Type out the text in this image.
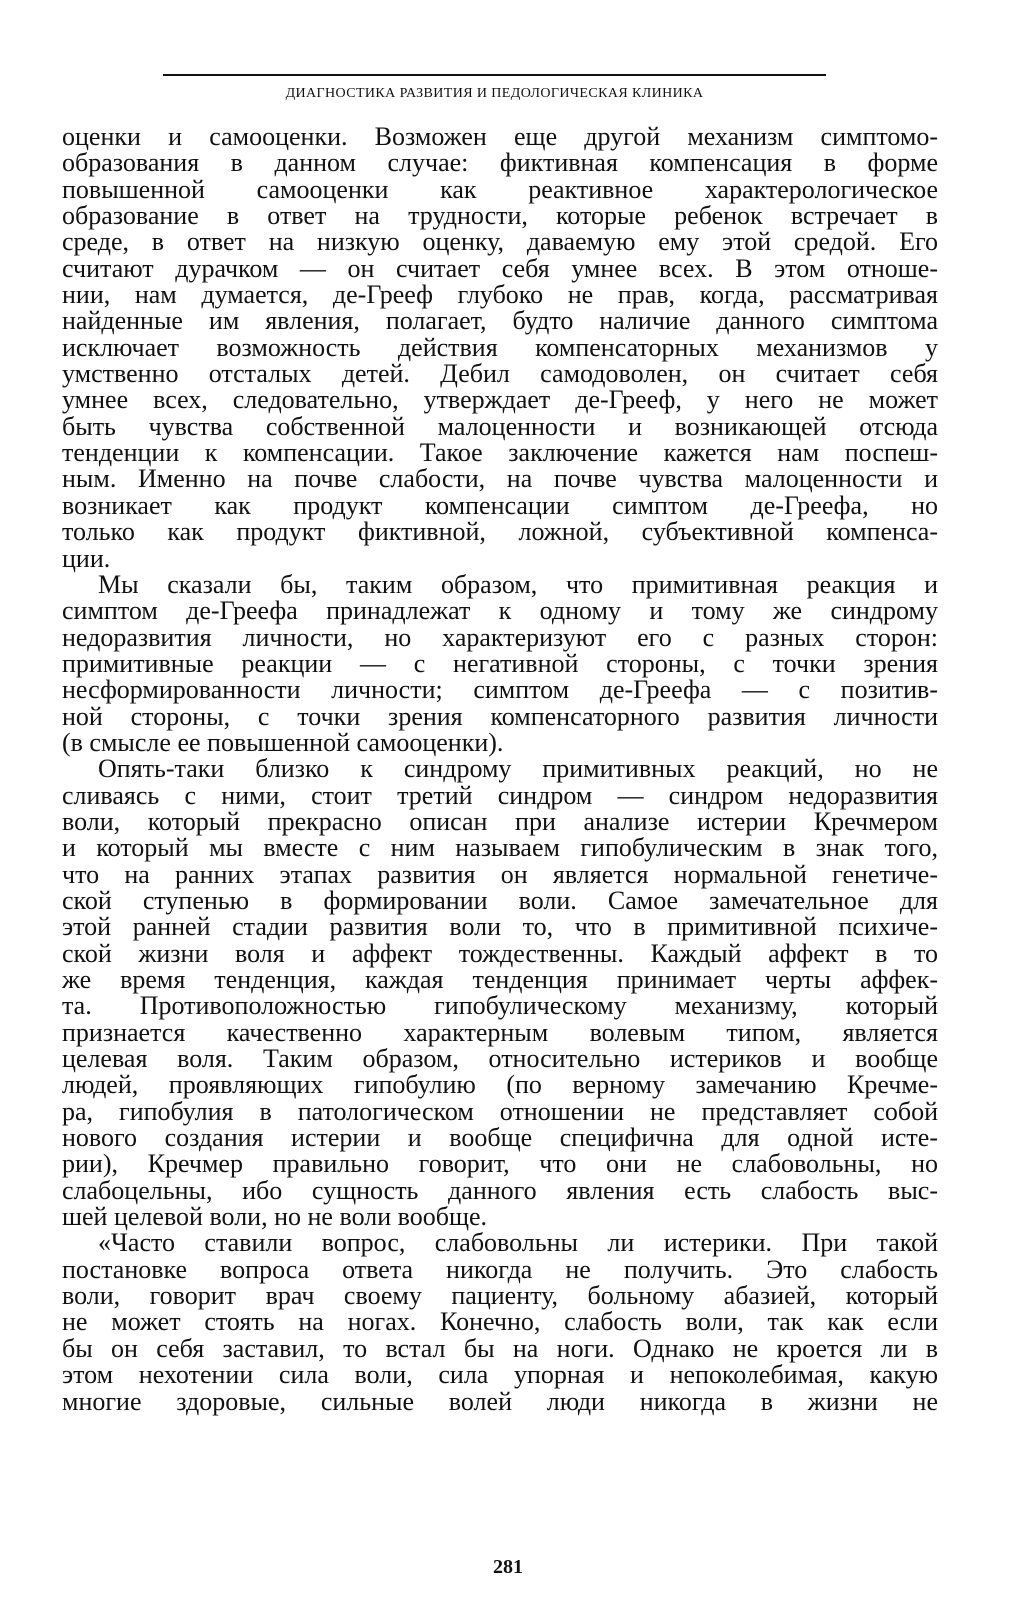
ДИАГНОСТИКА РАЗВИТИЯ И ПЕДОЛОГИЧЕСКАЯ КЛИНИКА
оценки и самооценки. Возможен еще другой механизм симптомо-
образования в данном случае: фиктивная компенсация в форме
повышенной самооценки как реактивное характерологическое
образование в ответ на трудности, которые ребенок встречает в
среде, в ответ на низкую оценку, даваемую ему этой средой. Его
считают дурачком — он считает себя умнее всех. В этом отноше-
нии, нам думается, де-Грееф глубоко не прав, когда, рассматривая
найденные им явления, полагает, будто наличие данного симптома
исключает возможность действия компенсаторных механизмов у
умственно отсталых детей. Дебил самодоволен, он считает себя
умнее всех, следовательно, утверждает де-Грееф, у него не может
быть чувства собственной малоценности и возникающей отсюда
тенденции к компенсации. Такое заключение кажется нам поспеш-
ным. Именно на почве слабости, на почве чувства малоценности и
возникает как продукт компенсации симптом де-Греефа, но
только как продукт фиктивной, ложной, субъективной компенса-
ции.
Мы сказали бы, таким образом, что примитивная реакция и
симптом де-Греефа принадлежат к одному и тому же синдрому
недоразвития личности, но характеризуют его с разных сторон:
примитивные реакции — с негативной стороны, с точки зрения
несформированности личности; симптом де-Греефа — с позитив-
ной стороны, с точки зрения компенсаторного развития личности
(в смысле ее повышенной самооценки).
Опять-таки близко к синдрому примитивных реакций, но не
сливаясь с ними, стоит третий синдром — синдром недоразвития
воли, который прекрасно описан при анализе истерии Кречмером
и который мы вместе с ним называем гипобулическим в знак того,
что на ранних этапах развития он является нормальной генетиче-
ской ступенью в формировании воли. Самое замечательное для
этой ранней стадии развития воли то, что в примитивной психиче-
ской жизни воля и аффект тождественны. Каждый аффект в то
же время тенденция, каждая тенденция принимает черты аффек-
та. Противоположностью гипобулическому механизму, который
признается качественно характерным волевым типом, является
целевая воля. Таким образом, относительно истериков и вообще
людей, проявляющих гипобулию (по верному замечанию Кречме-
ра, гипобулия в патологическом отношении не представляет собой
нового создания истерии и вообще специфична для одной исте-
рии), Кречмер правильно говорит, что они не слабовольны, но
слабоцельны, ибо сущность данного явления есть слабость выс-
шей целевой воли, но не воли вообще.
«Часто ставили вопрос, слабовольны ли истерики. При такой
постановке вопроса ответа никогда не получить. Это слабость
воли, говорит врач своему пациенту, больному абазией, который
не может стоять на ногах. Конечно, слабость воли, так как если
бы он себя заставил, то встал бы на ноги. Однако не кроется ли в
этом нехотении сила воли, сила упорная и непоколебимая, какую
многие здоровые, сильные волей люди никогда в жизни не
281
